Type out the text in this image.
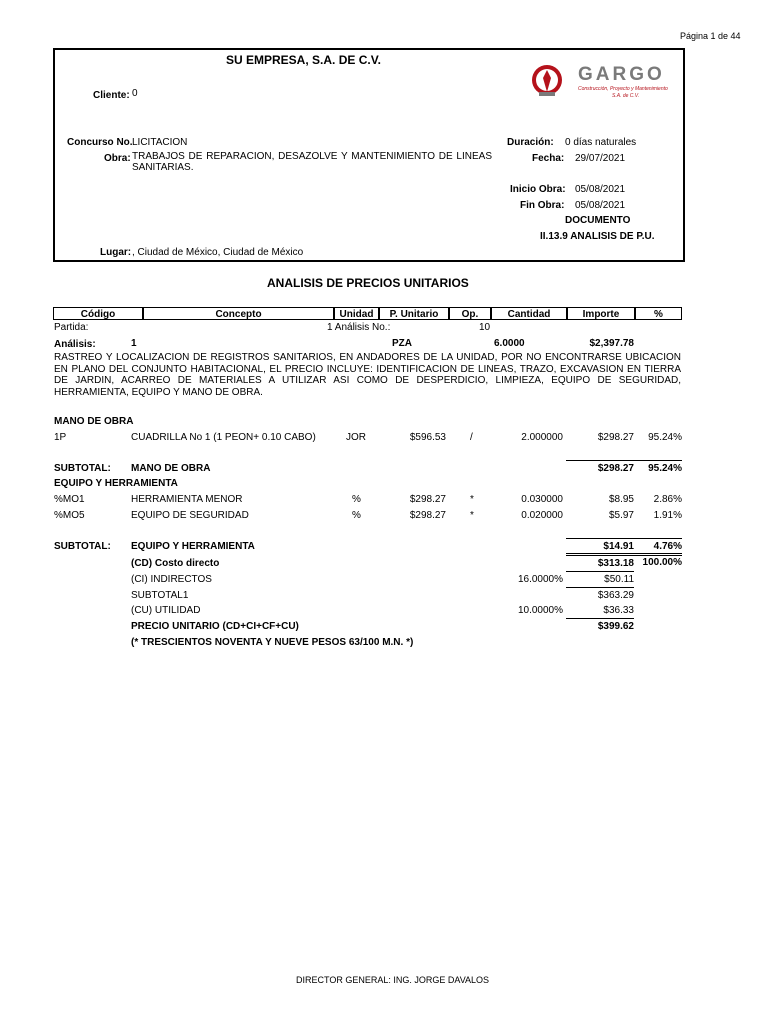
Página 1 de 44
SU EMPRESA, S.A. DE C.V.
Cliente: 0
GARGO
Construcción, Proyecto y Mantenimiento
S.A. de C.V.
Concurso No. LICITACION
Obra: TRABAJOS DE REPARACION, DESAZOLVE Y MANTENIMIENTO DE LINEAS SANITARIAS.
Duración: 0 días naturales
Fecha: 29/07/2021
Inicio Obra: 05/08/2021
Fin Obra: 05/08/2021
DOCUMENTO
II.13.9 ANALISIS DE P.U.
Lugar: , Ciudad de México, Ciudad de México
ANALISIS DE PRECIOS UNITARIOS
Código	Concepto	Unidad	P. Unitario	Op.	Cantidad	Importe	%
Partida:	1 Análisis No.:	10
Análisis:	1	PZA	6.0000	$2,397.78
RASTREO Y LOCALIZACION DE REGISTROS SANITARIOS, EN ANDADORES DE LA UNIDAD, POR NO ENCONTRARSE UBICACION EN PLANO DEL CONJUNTO HABITACIONAL, EL PRECIO INCLUYE: IDENTIFICACION DE LINEAS, TRAZO, EXCAVASION EN TIERRA DE JARDIN, ACARREO DE MATERIALES A UTILIZAR ASI COMO DE DESPERDICIO, LIMPIEZA, EQUIPO DE SEGURIDAD, HERRAMIENTA, EQUIPO Y MANO DE OBRA.
MANO DE OBRA
1P	CUADRILLA No 1 (1 PEON+ 0.10 CABO)	JOR	$596.53 /	2.000000	$298.27	95.24%
SUBTOTAL: MANO DE OBRA	$298.27	95.24%
EQUIPO Y HERRAMIENTA
%MO1	HERRAMIENTA MENOR	%	$298.27 *	0.030000	$8.95	2.86%
%MO5	EQUIPO DE SEGURIDAD	%	$298.27 *	0.020000	$5.97	1.91%
SUBTOTAL: EQUIPO Y HERRAMIENTA	$14.91	4.76%
(CD) Costo directo	$313.18 100.00%
(CI) INDIRECTOS	16.0000%	$50.11
SUBTOTAL1	$363.29
(CU) UTILIDAD	10.0000%	$36.33
PRECIO UNITARIO (CD+CI+CF+CU)	$399.62
(* TRESCIENTOS NOVENTA Y NUEVE PESOS 63/100 M.N. *)
DIRECTOR GENERAL: ING. JORGE DAVALOS
